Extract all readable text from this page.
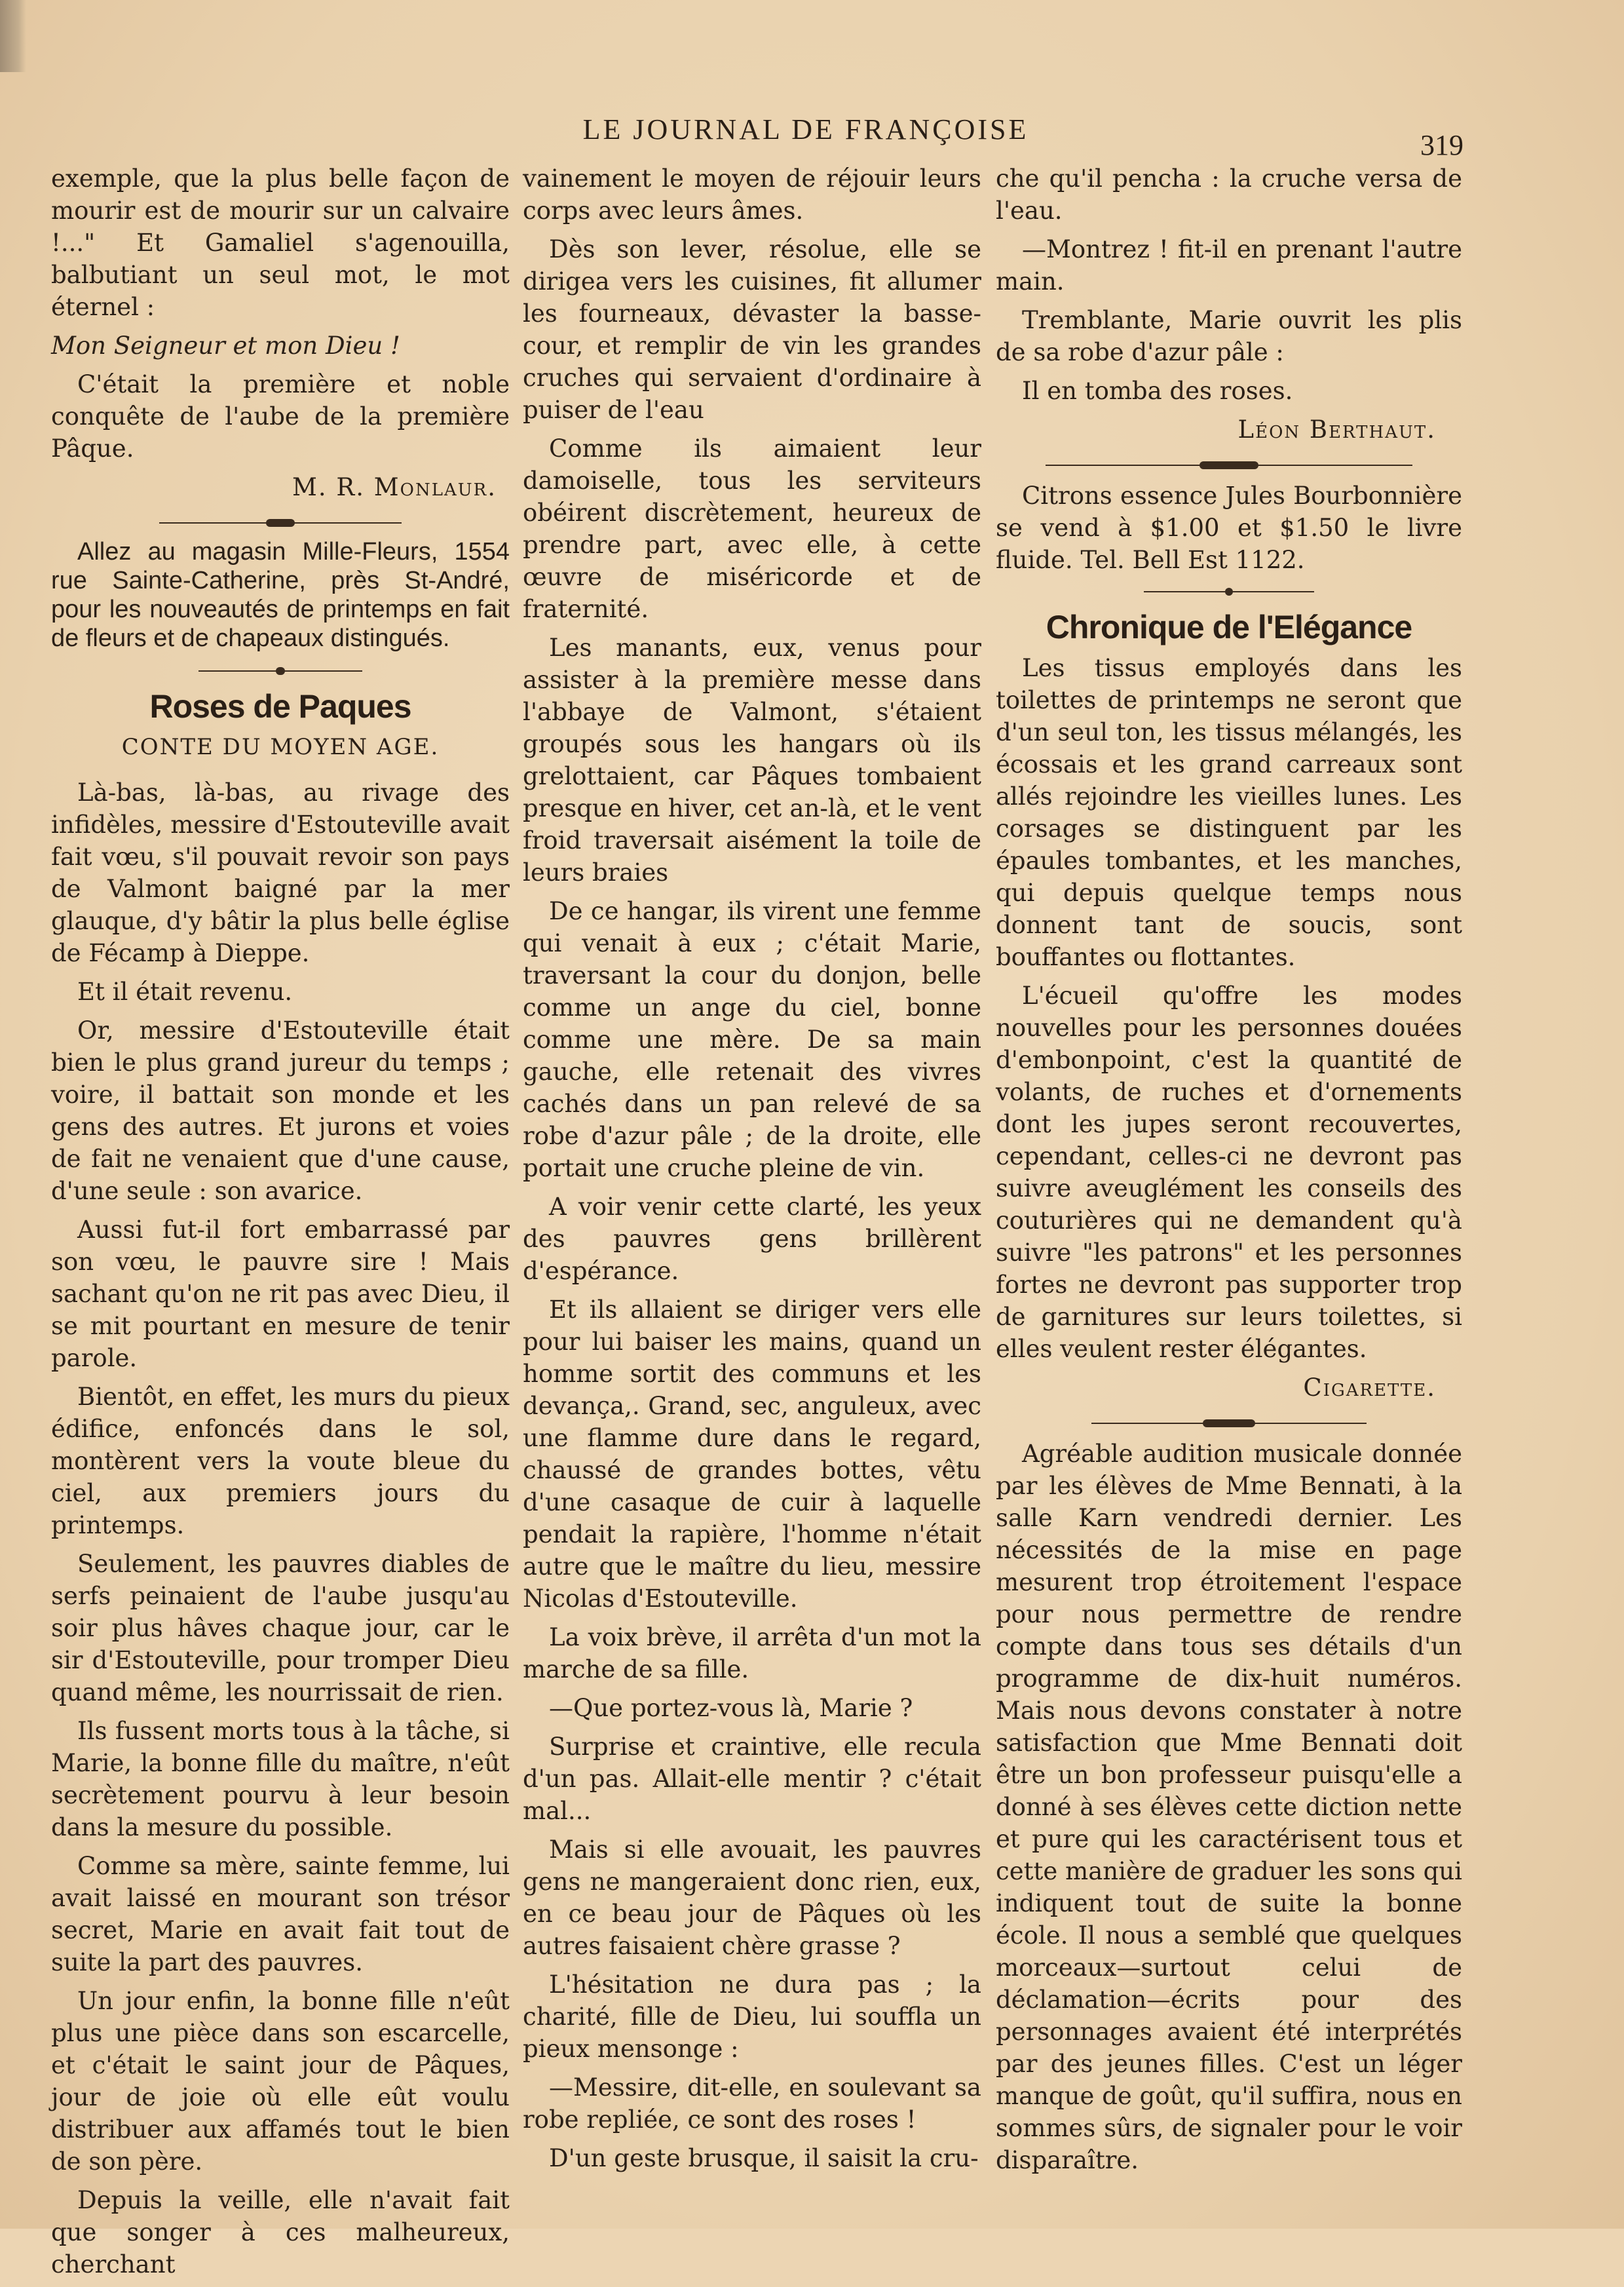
LE JOURNAL DE FRANÇOISE	319

exemple, que la plus belle façon de mourir est de mourir sur un calvaire !..." Et Gamaliel s'agenouilla, balbutiant un seul mot, le mot éternel :

Mon Seigneur et mon Dieu !

C'était la première et noble conquête de l'aube de la première Pâque.

M. R. Monlaur.

Allez au magasin Mille-Fleurs, 1554 rue Sainte-Catherine, près St-André, pour les nouveautés de printemps en fait de fleurs et de chapeaux distingués.

Roses de Paques
CONTE DU MOYEN AGE.

Là-bas, là-bas, au rivage des infidèles, messire d'Estouteville avait fait vœu, s'il pouvait revoir son pays de Valmont baigné par la mer glauque, d'y bâtir la plus belle église de Fécamp à Dieppe.

Et il était revenu.

Or, messire d'Estouteville était bien le plus grand jureur du temps ; voire, il battait son monde et les gens des autres. Et jurons et voies de fait ne venaient que d'une cause, d'une seule : son avarice.

Aussi fut-il fort embarrassé par son vœu, le pauvre sire ! Mais sachant qu'on ne rit pas avec Dieu, il se mit pourtant en mesure de tenir parole.

Bientôt, en effet, les murs du pieux édifice, enfoncés dans le sol, montèrent vers la voute bleue du ciel, aux premiers jours du printemps.

Seulement, les pauvres diables de serfs peinaient de l'aube jusqu'au soir plus hâves chaque jour, car le sir d'Estouteville, pour tromper Dieu quand même, les nourrissait de rien.

Ils fussent morts tous à la tâche, si Marie, la bonne fille du maître, n'eût secrètement pourvu à leur besoin dans la mesure du possible.

Comme sa mère, sainte femme, lui avait laissé en mourant son trésor secret, Marie en avait fait tout de suite la part des pauvres.

Un jour enfin, la bonne fille n'eût plus une pièce dans son escarcelle, et c'était le saint jour de Pâques, jour de joie où elle eût voulu distribuer aux affamés tout le bien de son père.

Depuis la veille, elle n'avait fait que songer à ces malheureux, cherchant

vainement le moyen de réjouir leurs corps avec leurs âmes.

Dès son lever, résolue, elle se dirigea vers les cuisines, fit allumer les fourneaux, dévaster la basse-cour, et remplir de vin les grandes cruches qui servaient d'ordinaire à puiser de l'eau

Comme ils aimaient leur damoiselle, tous les serviteurs obéirent discrètement, heureux de prendre part, avec elle, à cette œuvre de miséricorde et de fraternité.

Les manants, eux, venus pour assister à la première messe dans l'abbaye de Valmont, s'étaient groupés sous les hangars où ils grelottaient, car Pâques tombaient presque en hiver, cet an-là, et le vent froid traversait aisément la toile de leurs braies

De ce hangar, ils virent une femme qui venait à eux ; c'était Marie, traversant la cour du donjon, belle comme un ange du ciel, bonne comme une mère. De sa main gauche, elle retenait des vivres cachés dans un pan relevé de sa robe d'azur pâle ; de la droite, elle portait une cruche pleine de vin.

A voir venir cette clarté, les yeux des pauvres gens brillèrent d'espérance.

Et ils allaient se diriger vers elle pour lui baiser les mains, quand un homme sortit des communs et les devança,. Grand, sec, anguleux, avec une flamme dure dans le regard, chaussé de grandes bottes, vêtu d'une casaque de cuir à laquelle pendait la rapière, l'homme n'était autre que le maître du lieu, messire Nicolas d'Estouteville.

La voix brève, il arrêta d'un mot la marche de sa fille.

—Que portez-vous là, Marie ?

Surprise et craintive, elle recula d'un pas. Allait-elle mentir ? c'était mal...

Mais si elle avouait, les pauvres gens ne mangeraient donc rien, eux, en ce beau jour de Pâques où les autres faisaient chère grasse ?

L'hésitation ne dura pas ; la charité, fille de Dieu, lui souffla un pieux mensonge :

—Messire, dit-elle, en soulevant sa robe repliée, ce sont des roses !

D'un geste brusque, il saisit la cru-

che qu'il pencha : la cruche versa de l'eau.

—Montrez ! fit-il en prenant l'autre main.

Tremblante, Marie ouvrit les plis de sa robe d'azur pâle :

Il en tomba des roses.

Léon Berthaut.

Citrons essence Jules Bourbonnière se vend à $1.00 et $1.50 le livre fluide. Tel. Bell Est 1122.

Chronique de l'Elégance

Les tissus employés dans les toilettes de printemps ne seront que d'un seul ton, les tissus mélangés, les écossais et les grand carreaux sont allés rejoindre les vieilles lunes. Les corsages se distinguent par les épaules tombantes, et les manches, qui depuis quelque temps nous donnent tant de soucis, sont bouffantes ou flottantes.

L'écueil qu'offre les modes nouvelles pour les personnes douées d'embonpoint, c'est la quantité de volants, de ruches et d'ornements dont les jupes seront recouvertes, cependant, celles-ci ne devront pas suivre aveuglément les conseils des couturières qui ne demandent qu'à suivre "les patrons" et les personnes fortes ne devront pas supporter trop de garnitures sur leurs toilettes, si elles veulent rester élégantes.

Cigarette.

Agréable audition musicale donnée par les élèves de Mme Bennati, à la salle Karn vendredi dernier. Les nécessités de la mise en page mesurent trop étroitement l'espace pour nous permettre de rendre compte dans tous ses détails d'un programme de dix-huit numéros. Mais nous devons constater à notre satisfaction que Mme Bennati doit être un bon professeur puisqu'elle a donné à ses élèves cette diction nette et pure qui les caractérisent tous et cette manière de graduer les sons qui indiquent tout de suite la bonne école. Il nous a semblé que quelques morceaux—surtout celui de déclamation—écrits pour des personnages avaient été interprétés par des jeunes filles. C'est un léger manque de goût, qu'il suffira, nous en sommes sûrs, de signaler pour le voir disparaître.
